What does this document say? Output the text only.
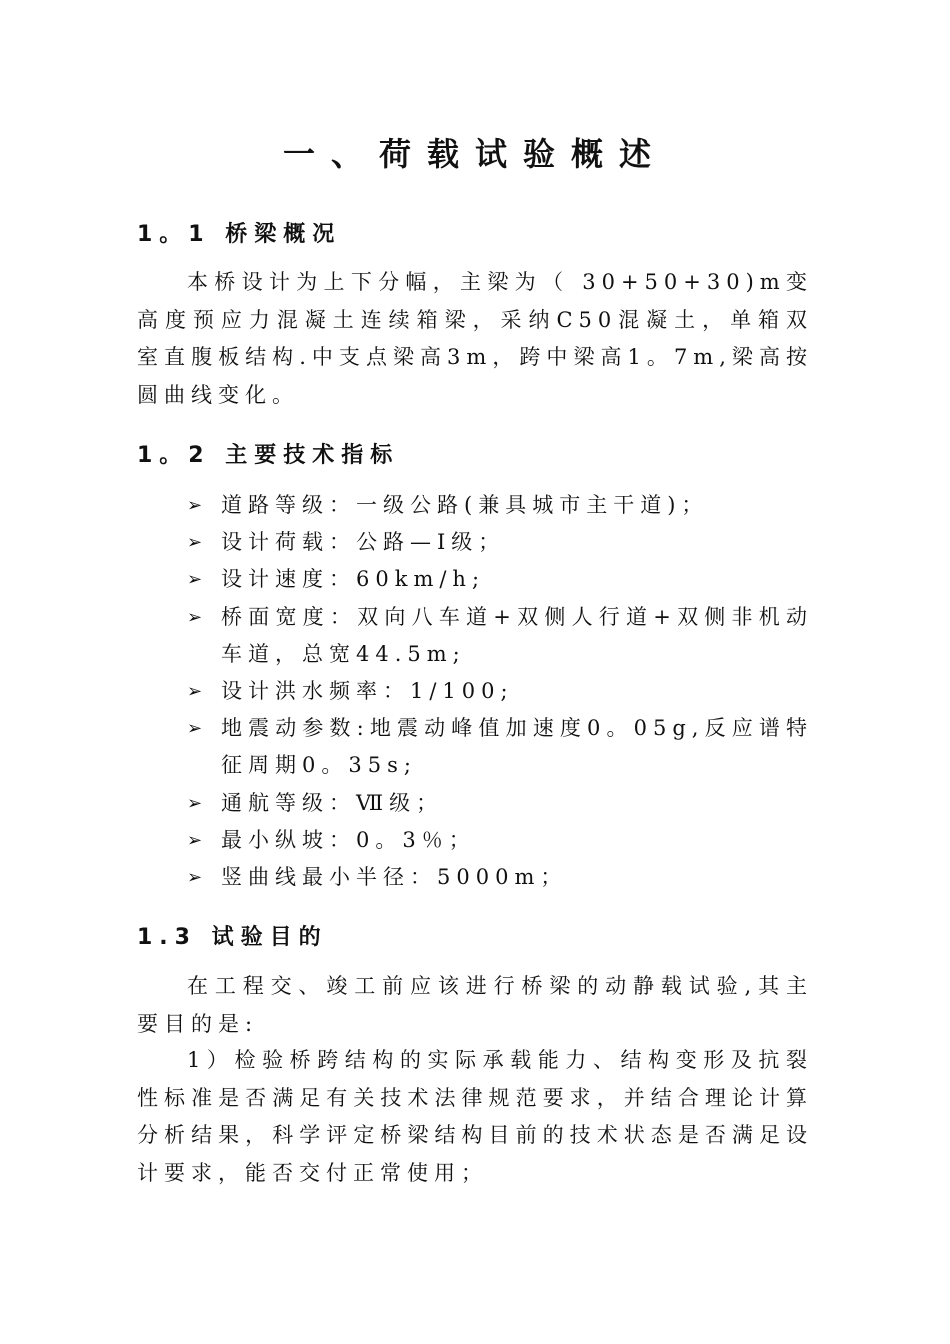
一、荷载试验概述
1。1 桥梁概况

本桥设计为上下分幅，主梁为（ 30+50+30)m变高度预应力混凝土连续箱梁，采纳C50混凝土，单箱双室直腹板结构.中支点梁高3m，跨中梁高1。7m,梁高按圆曲线变化。

1。2 主要技术指标
➢ 道路等级：一级公路(兼具城市主干道)；
➢ 设计荷载：公路—Ⅰ级；
➢ 设计速度：60km/h;
➢ 桥面宽度：双向八车道+双侧人行道+双侧非机动车道，总宽44.5m;
➢ 设计洪水频率：1/100;
➢ 地震动参数:地震动峰值加速度0。05g,反应谱特征周期0。35s;
➢ 通航等级：Ⅶ级；
➢ 最小纵坡：0。3％；
➢ 竖曲线最小半径：5000m；
1.3 试验目的

在工程交、竣工前应该进行桥梁的动静载试验,其主要目的是:

1）检验桥跨结构的实际承载能力、结构变形及抗裂性标准是否满足有关技术法律规范要求，并结合理论计算分析结果，科学评定桥梁结构目前的技术状态是否满足设计要求，能否交付正常使用；
